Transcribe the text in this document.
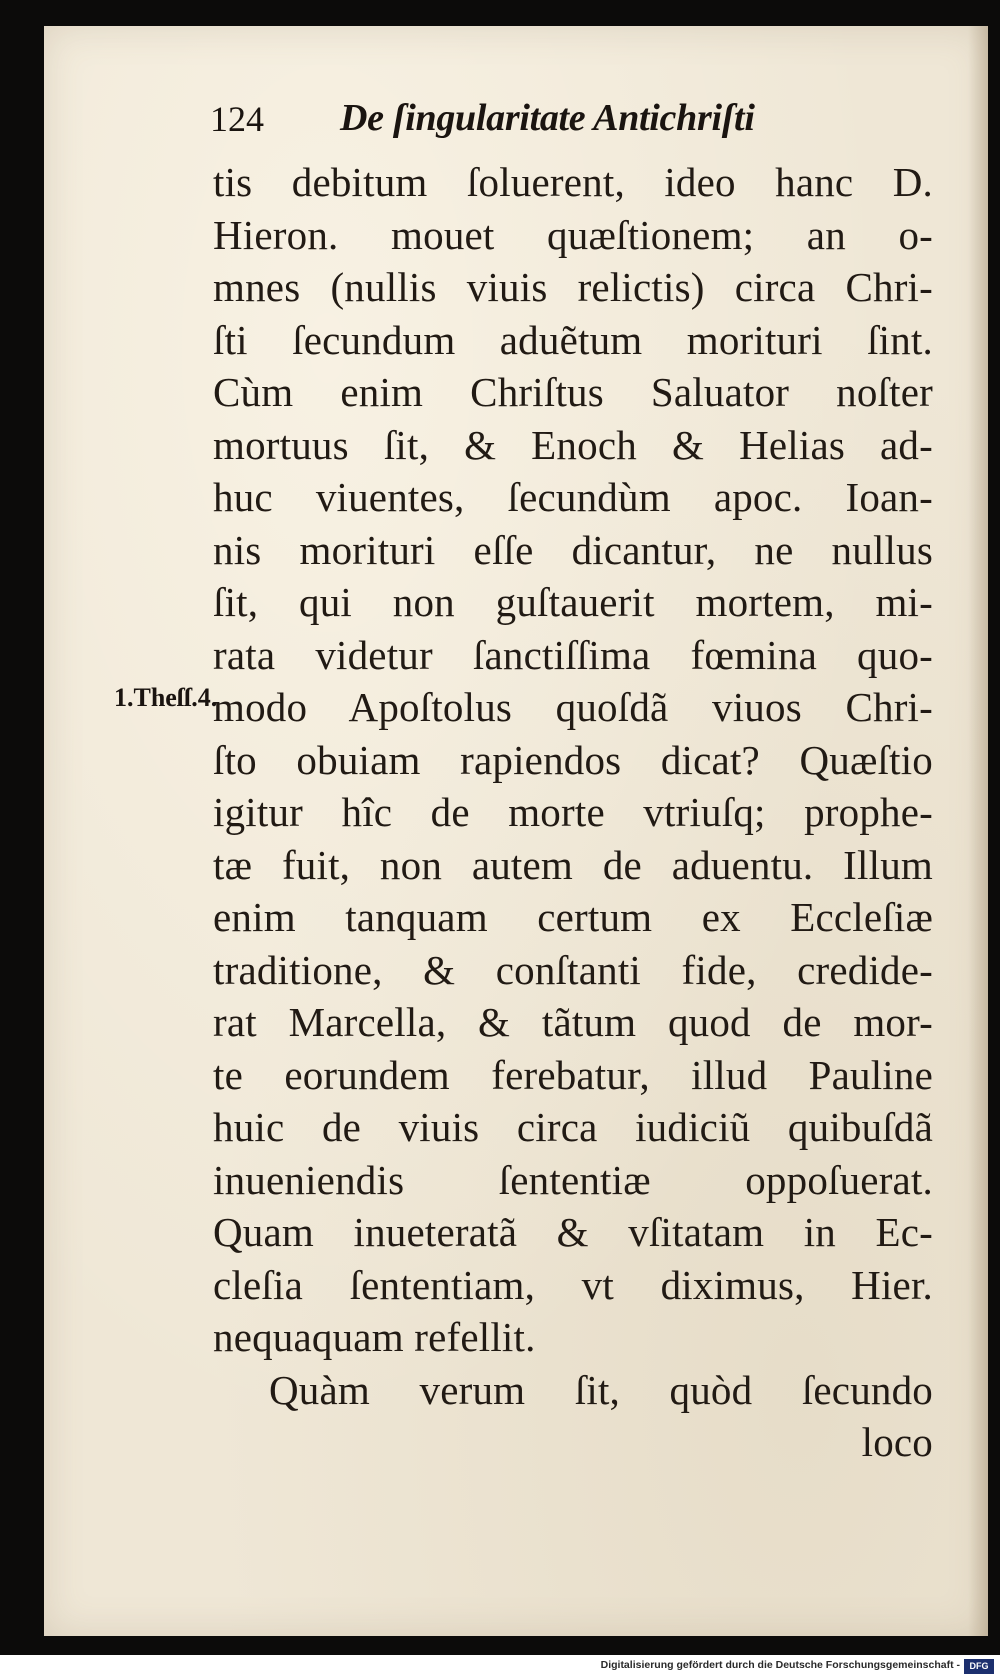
124 De ſingularitate Antichriſti
1.Theſſ.4.
tis debitum ſoluerent, ideo hanc D.
Hieron. mouet quæſtionem; an o-
mnes (nullis viuis relictis) circa Chri-
ſti ſecundum aduẽtum morituri ſint.
Cùm enim Chriſtus Saluator noſter
mortuus ſit, & Enoch & Helias ad-
huc viuentes, ſecundùm apoc. Ioan-
nis morituri eſſe dicantur, ne nullus
ſit, qui non guſtauerit mortem, mi-
rata videtur ſanctiſſima fœmina quo-
modo Apoſtolus quoſdã viuos Chri-
ſto obuiam rapiendos dicat? Quæſtio
igitur hîc de morte vtriuſq; prophe-
tæ fuit, non autem de aduentu. Illum
enim tanquam certum ex Eccleſiæ
traditione, & conſtanti fide, credide-
rat Marcella, & tãtum quod de mor-
te eorundem ferebatur, illud Pauline
huic de viuis circa iudiciũ quibuſdã
inueniendis ſententiæ oppoſuerat.
Quam inueteratã & vſitatam in Ec-
cleſia ſententiam, vt diximus, Hier.
nequaquam refellit.
Quàm verum ſit, quòd ſecundo
loco
Digitalisierung gefördert durch die Deutsche Forschungsgemeinschaft -	DFG
